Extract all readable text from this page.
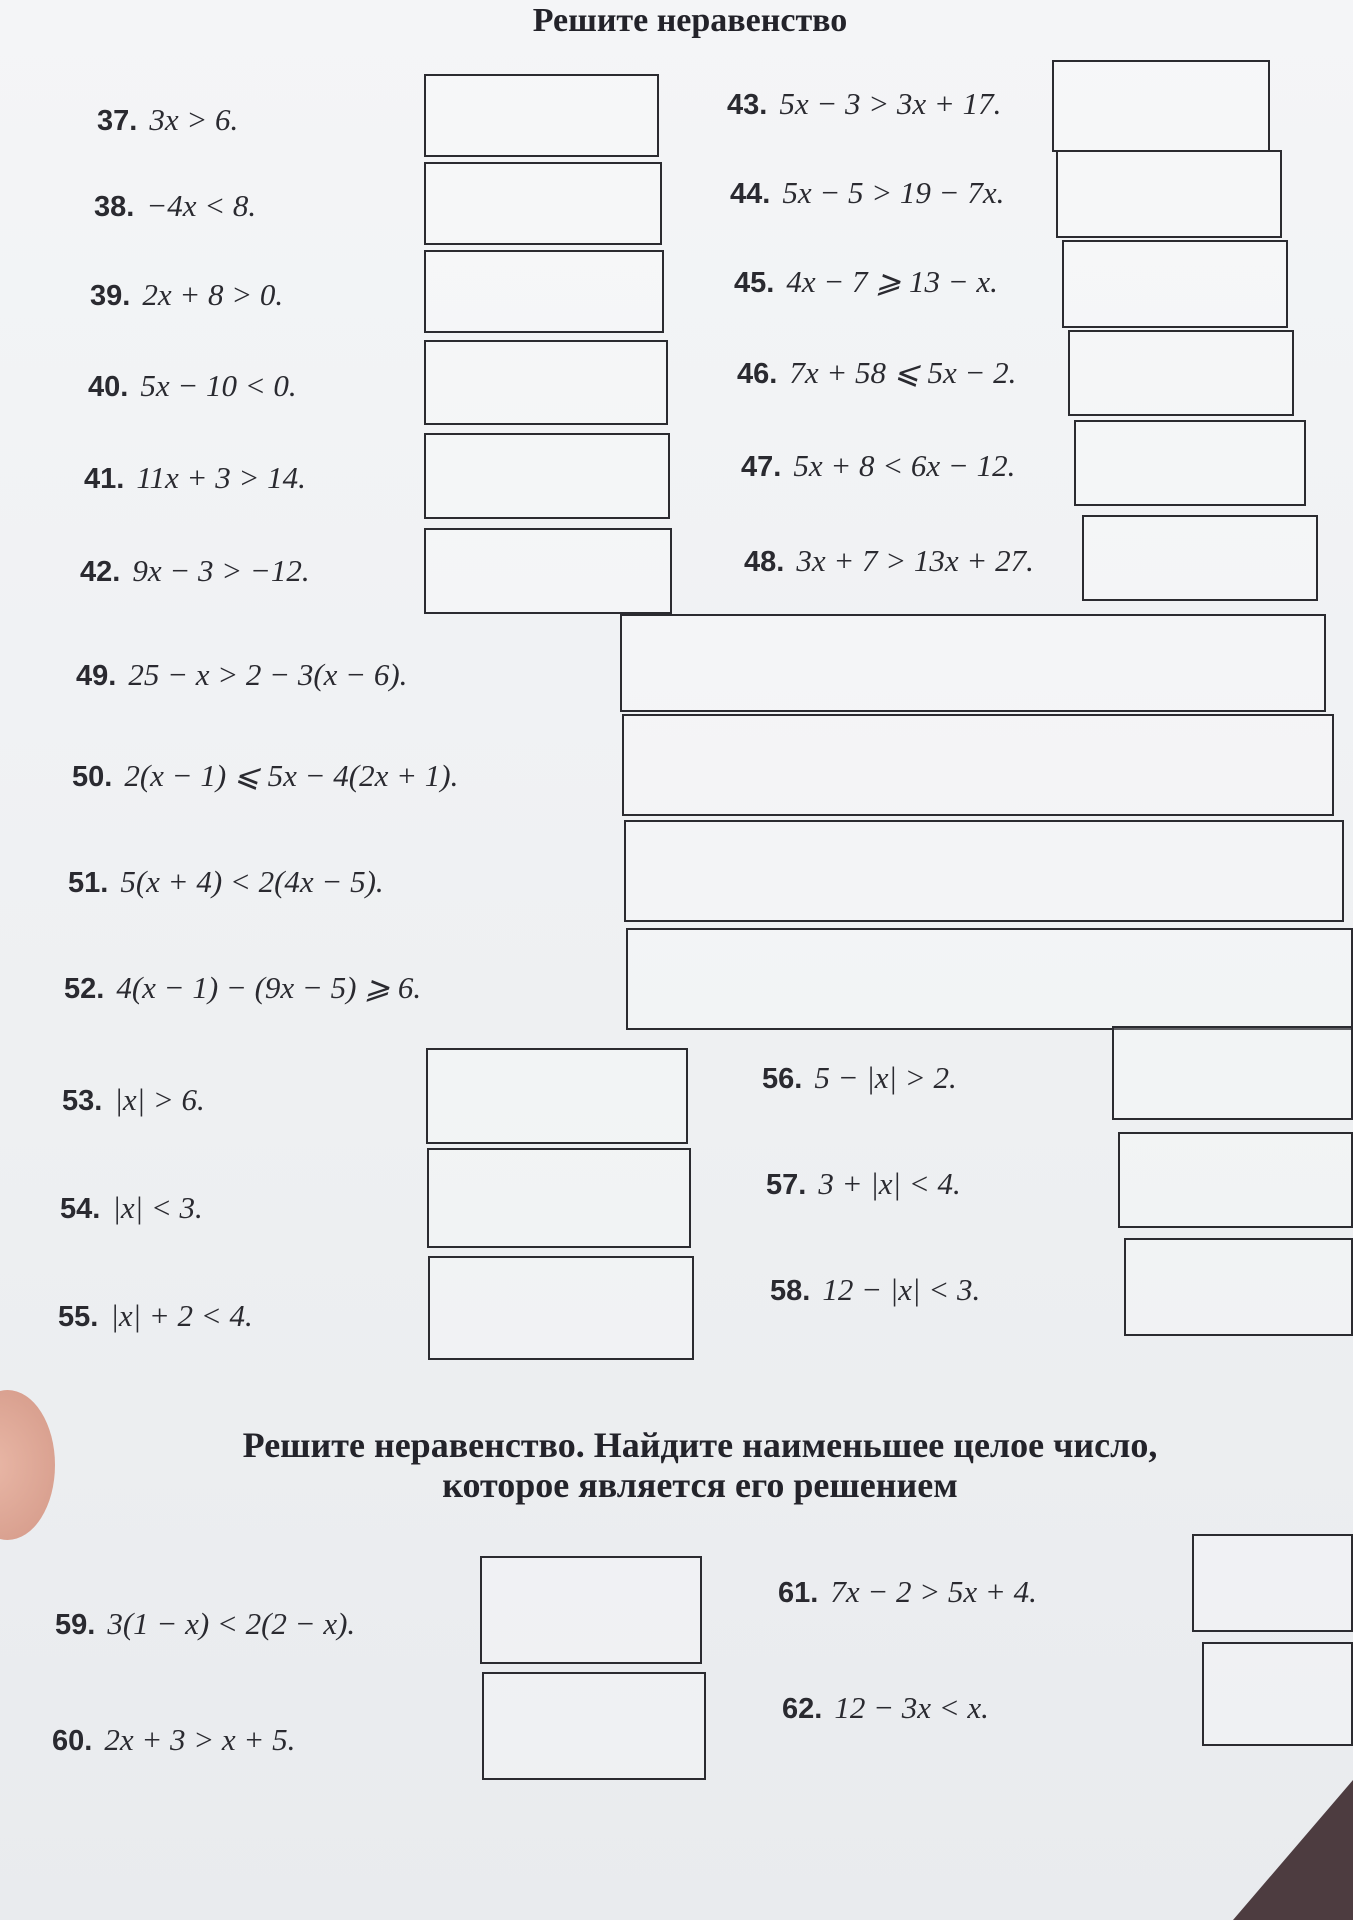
Решите неравенство
37. 3x > 6.
38. −4x < 8.
39. 2x + 8 > 0.
40. 5x − 10 < 0.
41. 11x + 3 > 14.
42. 9x − 3 > −12.
43. 5x − 3 > 3x + 17.
44. 5x − 5 > 19 − 7x.
45. 4x − 7 ⩾ 13 − x.
46. 7x + 58 ⩽ 5x − 2.
47. 5x + 8 < 6x − 12.
48. 3x + 7 > 13x + 27.
49. 25 − x > 2 − 3(x − 6).
50. 2(x − 1) ⩽ 5x − 4(2x + 1).
51. 5(x + 4) < 2(4x − 5).
52. 4(x − 1) − (9x − 5) ⩾ 6.
53. |x| > 6.
54. |x| < 3.
55. |x| + 2 < 4.
56. 5 − |x| > 2.
57. 3 + |x| < 4.
58. 12 − |x| < 3.
Решите неравенство. Найдите наименьшее целое число,
которое является его решением
59. 3(1 − x) < 2(2 − x).
60. 2x + 3 > x + 5.
61. 7x − 2 > 5x + 4.
62. 12 − 3x < x.
